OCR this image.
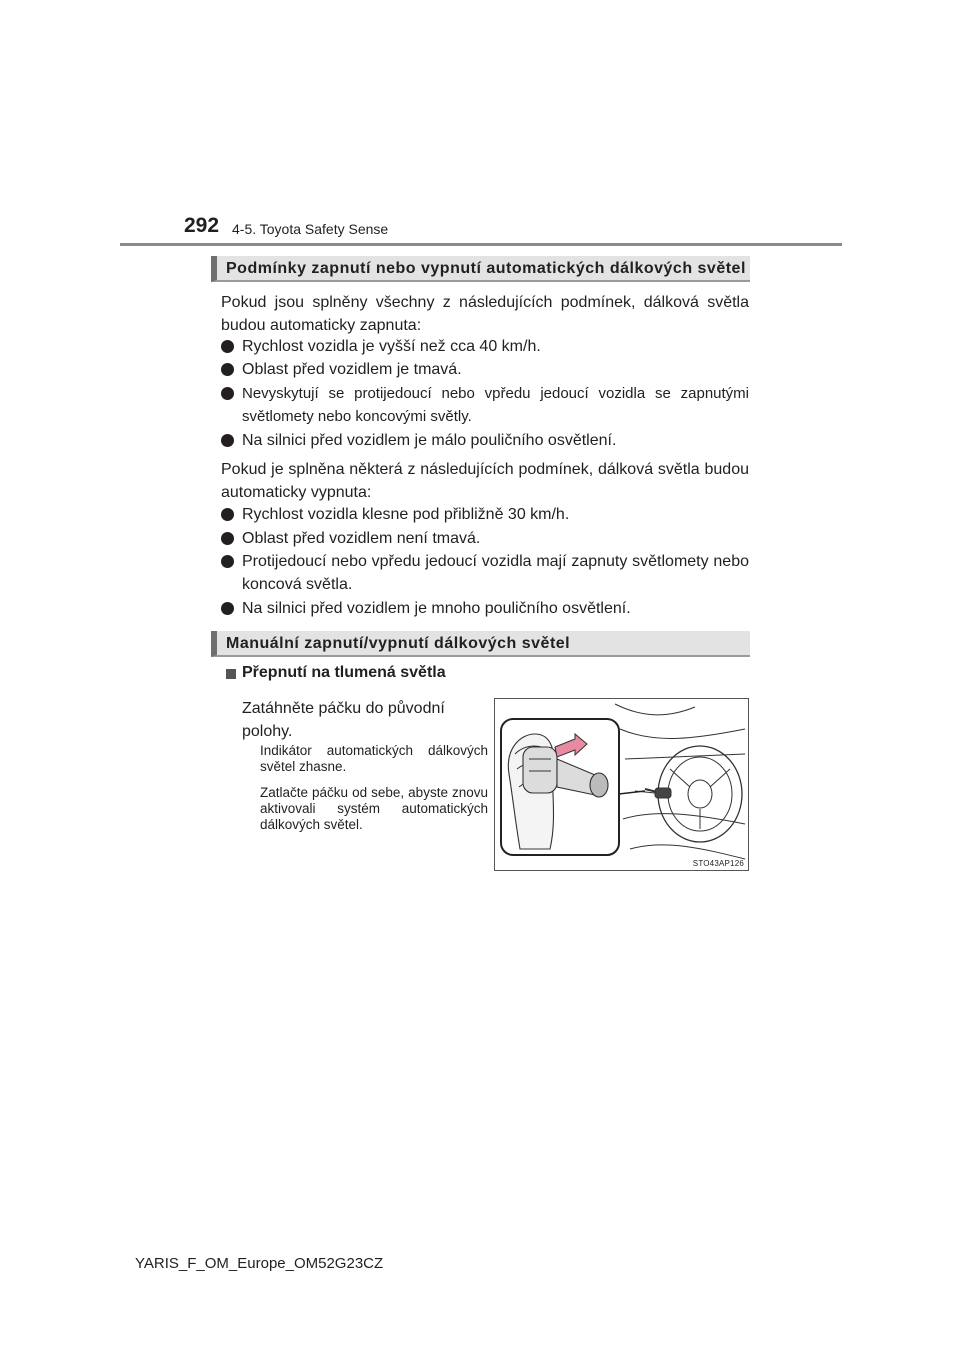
292 4-5. Toyota Safety Sense
Podmínky zapnutí nebo vypnutí automatických dálkových světel
Pokud jsou splněny všechny z následujících podmínek, dálková světla budou automaticky zapnuta:
Rychlost vozidla je vyšší než cca 40 km/h.
Oblast před vozidlem je tmavá.
Nevyskytují se protijedoucí nebo vpředu jedoucí vozidla se zapnutými světlomety nebo koncovými světly.
Na silnici před vozidlem je málo pouličního osvětlení.
Pokud je splněna některá z následujících podmínek, dálková světla budou automaticky vypnuta:
Rychlost vozidla klesne pod přibližně 30 km/h.
Oblast před vozidlem není tmavá.
Protijedoucí nebo vpředu jedoucí vozidla mají zapnuty světlomety nebo koncová světla.
Na silnici před vozidlem je mnoho pouličního osvětlení.
Manuální zapnutí/vypnutí dálkových světel
Přepnutí na tlumená světla
Zatáhněte páčku do původní polohy.
Indikátor automatických dálkových světel zhasne.
Zatlačte páčku od sebe, abyste znovu aktivovali systém automatických dálkových světel.
STO43AP126
YARIS_F_OM_Europe_OM52G23CZ
